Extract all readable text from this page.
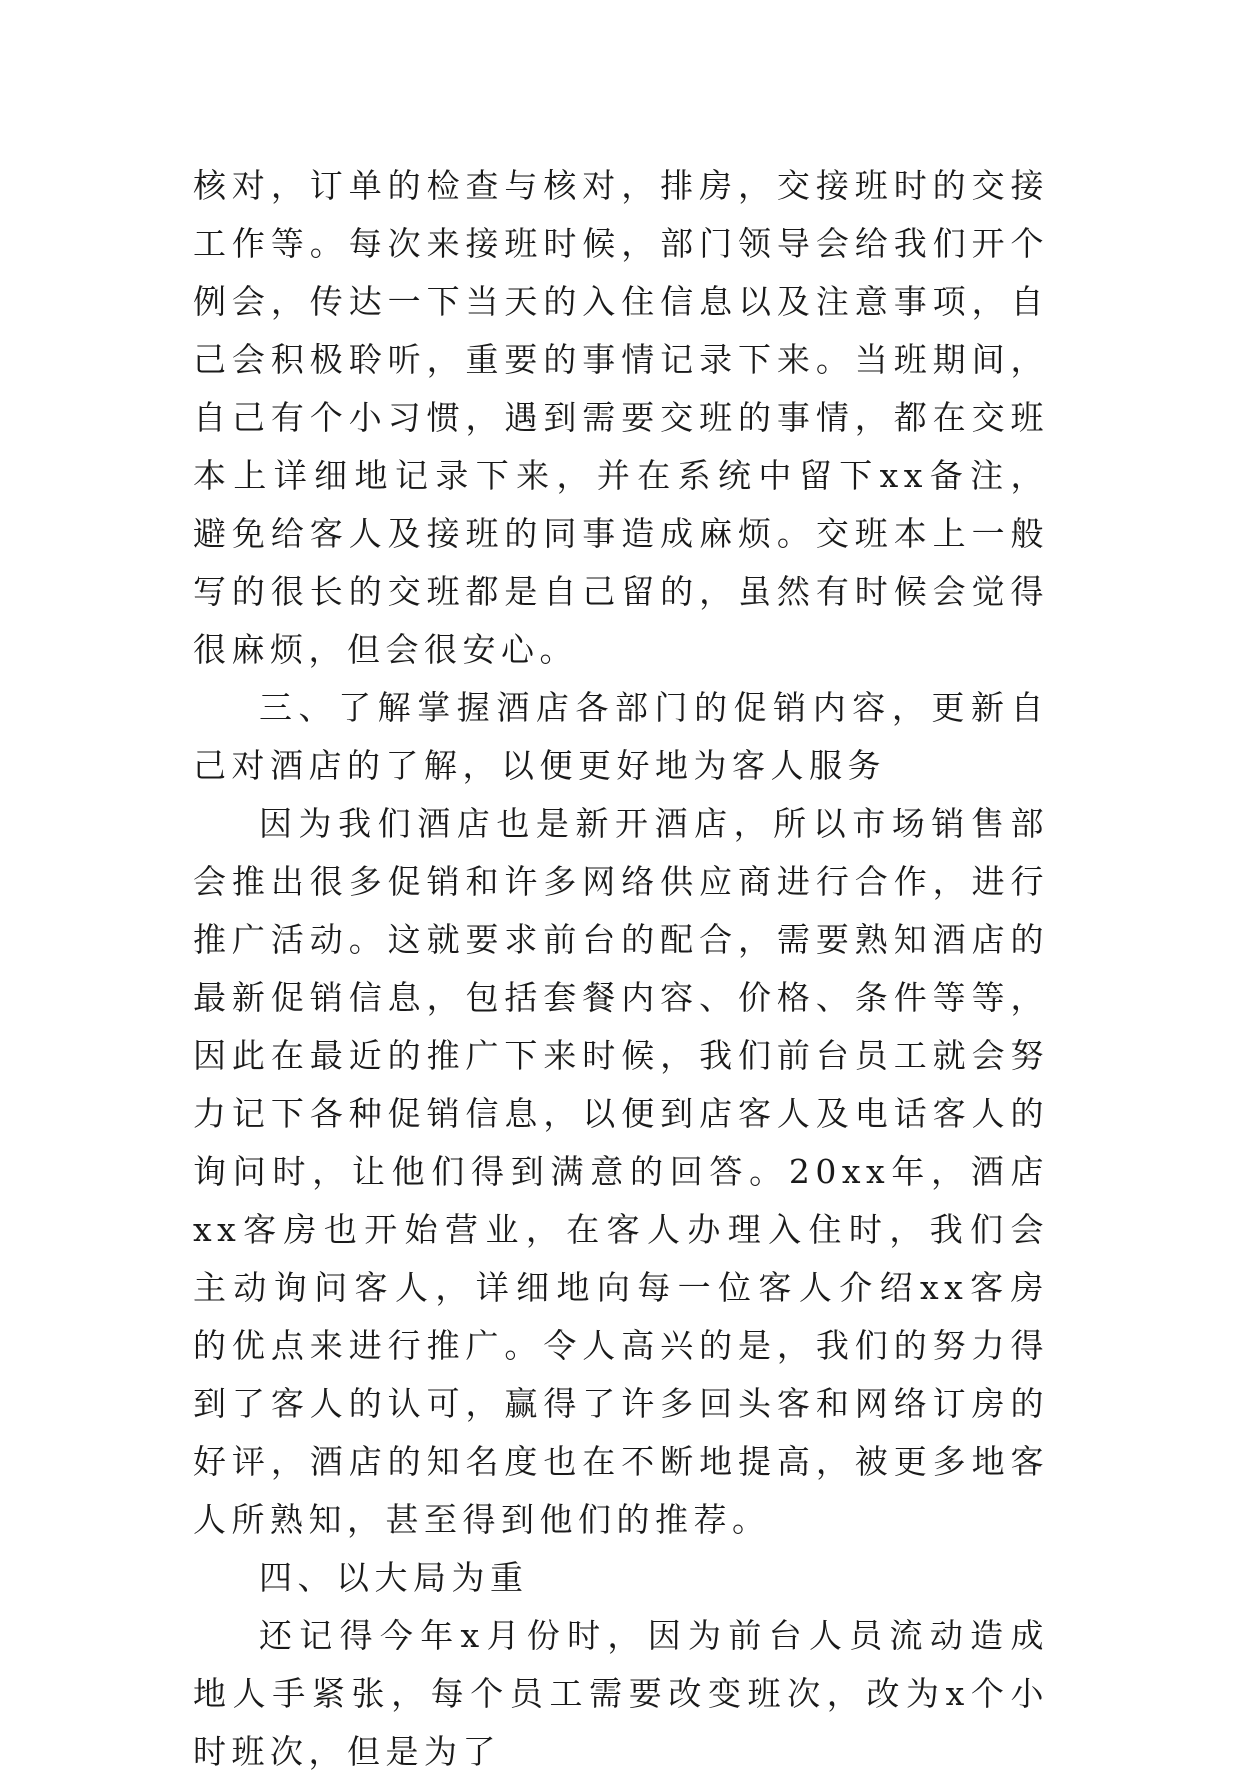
核对，订单的检查与核对，排房，交接班时的交接工作等。每次来接班时候，部门领导会给我们开个例会，传达一下当天的入住信息以及注意事项，自己会积极聆听，重要的事情记录下来。当班期间，自己有个小习惯，遇到需要交班的事情，都在交班本上详细地记录下来，并在系统中留下xx备注，避免给客人及接班的同事造成麻烦。交班本上一般写的很长的交班都是自己留的，虽然有时候会觉得很麻烦，但会很安心。

三、了解掌握酒店各部门的促销内容，更新自己对酒店的了解，以便更好地为客人服务

因为我们酒店也是新开酒店，所以市场销售部会推出很多促销和许多网络供应商进行合作，进行推广活动。这就要求前台的配合，需要熟知酒店的最新促销信息，包括套餐内容、价格、条件等等，因此在最近的推广下来时候，我们前台员工就会努力记下各种促销信息，以便到店客人及电话客人的询问时，让他们得到满意的回答。20xx年，酒店xx客房也开始营业，在客人办理入住时，我们会主动询问客人，详细地向每一位客人介绍xx客房的优点来进行推广。令人高兴的是，我们的努力得到了客人的认可，赢得了许多回头客和网络订房的好评，酒店的知名度也在不断地提高，被更多地客人所熟知，甚至得到他们的推荐。

四、以大局为重

还记得今年x月份时，因为前台人员流动造成地人手紧张，每个员工需要改变班次，改为x个小时班次，但是为了
